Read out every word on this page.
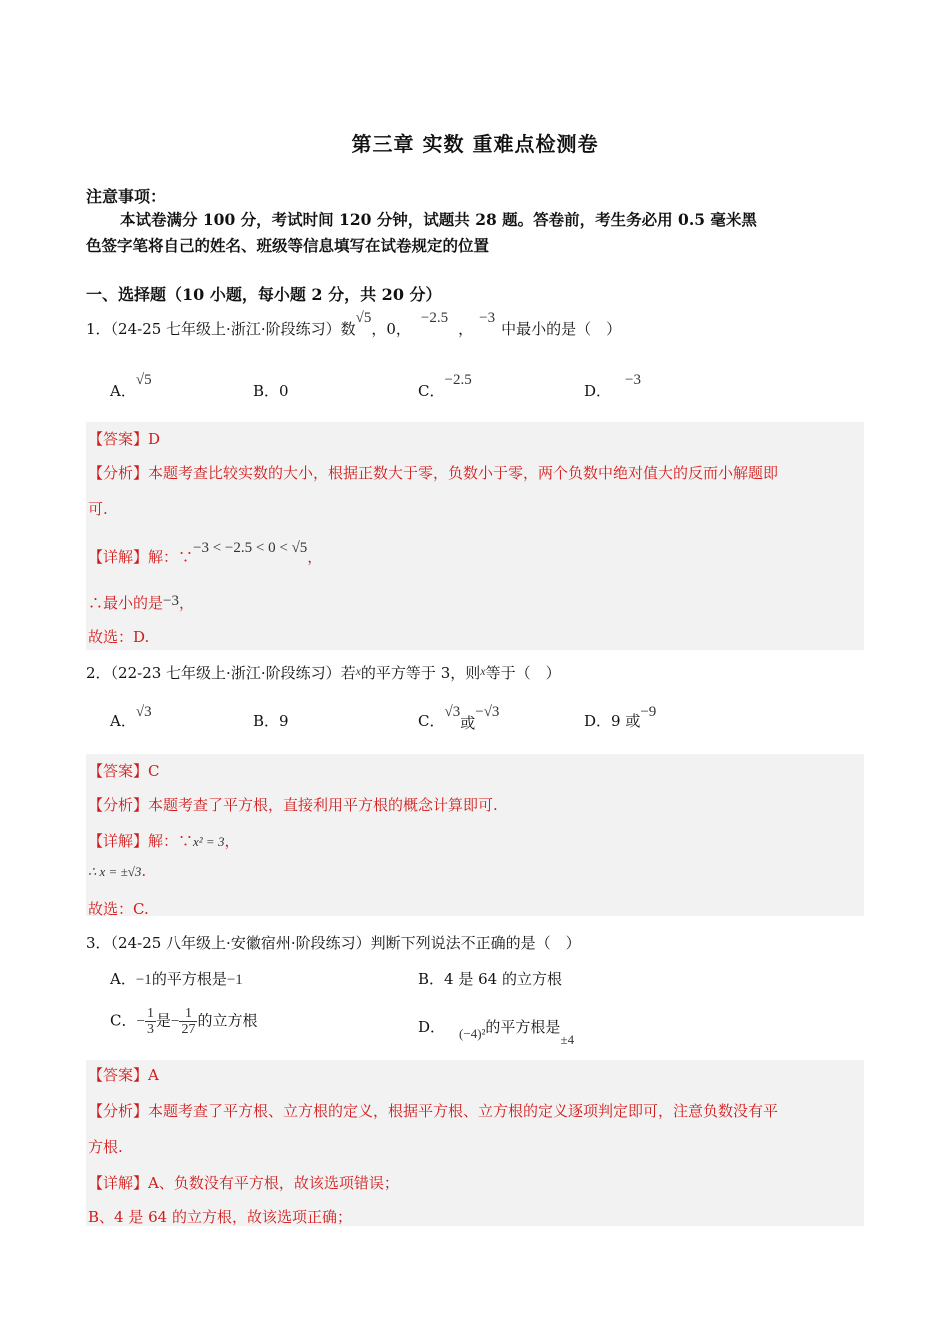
第三章 实数 重难点检测卷
注意事项：
本试卷满分 100 分，考试时间 120 分钟，试题共 28 题。答卷前，考生务必用 0.5 毫米黑
色签字笔将自己的姓名、班级等信息填写在试卷规定的位置
一、选择题（10 小题，每小题 2 分，共 20 分）
1．（24-25 七年级上·浙江·阶段练习）数√5，0，−2.5，−3中最小的是（　）
A．√5
B．0	C．−2.5
D．−3
【答案】D
【分析】本题考查比较实数的大小，根据正数大于零，负数小于零，两个负数中绝对值大的反而小解题即
可.
【详解】解：∵−3 < −2.5 < 0 < √5，
∴最小的是−3，
故选：D.
2．（22-23 七年级上·浙江·阶段练习）若$^x$的平方等于 3，则$^x$等于（　）
A．√3	B．9	C．√3或−√3	D．9 或−9
【答案】C
【分析】本题考查了平方根，直接利用平方根的概念计算即可.
【详解】解：∵x² = 3，
∴ x = ±√3.
故选：C.
3．（24-25 八年级上·安徽宿州·阶段练习）判断下列说法不正确的是（　）
A．−1的平方根是−1	B．4 是 64 的立方根
C．− $\frac{1}{3}$ 是− $\frac{1}{27}$ 的立方根	D． (−4)²的平方根是±4
【答案】A
【分析】本题考查了平方根、立方根的定义，根据平方根、立方根的定义逐项判定即可，注意负数没有平
方根.
【详解】A、负数没有平方根，故该选项错误；
B、4 是 64 的立方根，故该选项正确；
